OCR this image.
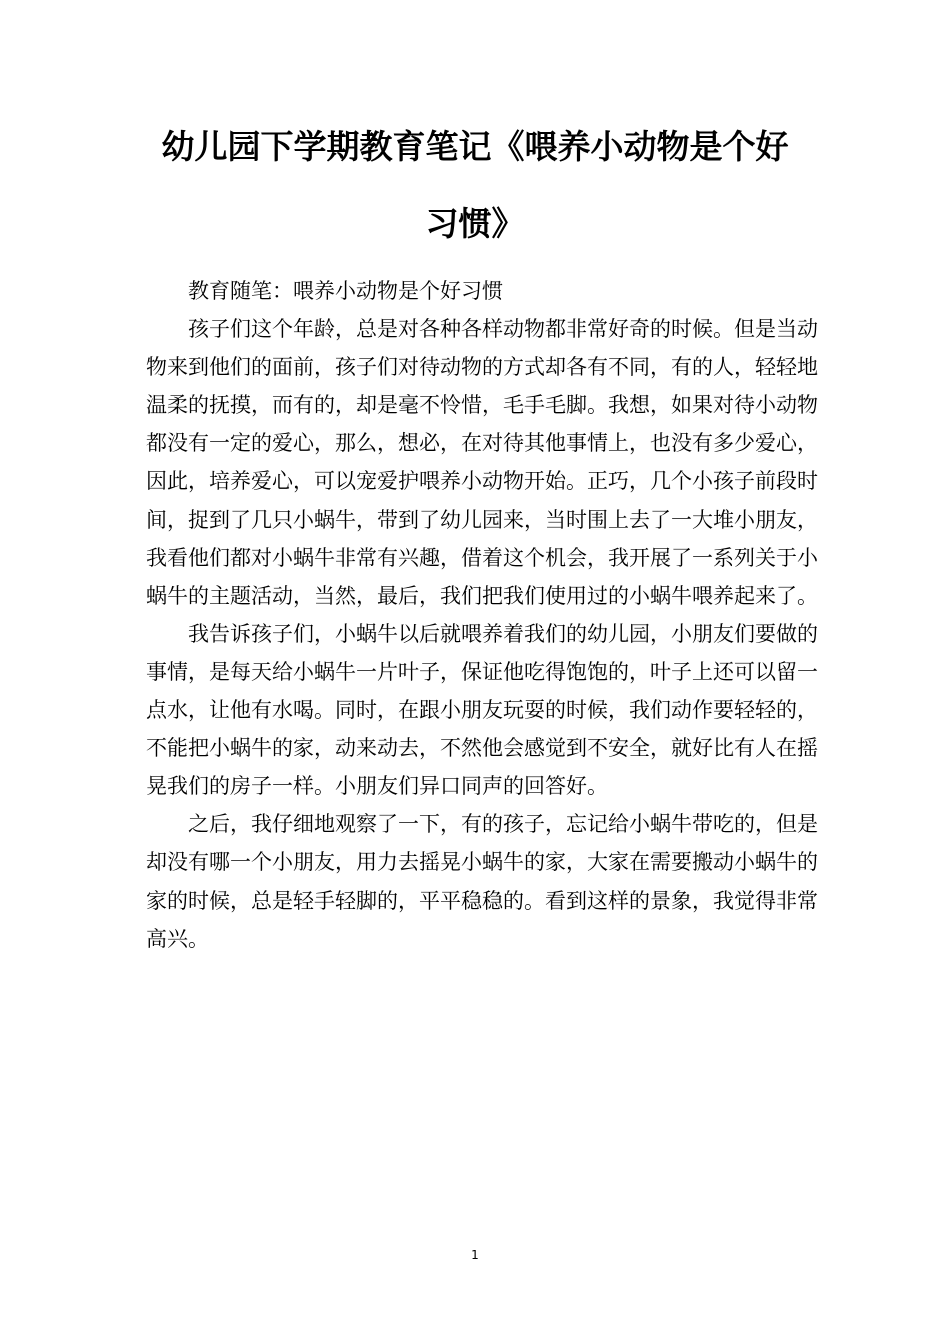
幼儿园下学期教育笔记《喂养小动物是个好
习惯》

教育随笔：喂养小动物是个好习惯

孩子们这个年龄，总是对各种各样动物都非常好奇的时候。但是当动物来到他们的面前，孩子们对待动物的方式却各有不同，有的人，轻轻地温柔的抚摸，而有的，却是毫不怜惜，毛手毛脚。我想，如果对待小动物都没有一定的爱心，那么，想必，在对待其他事情上，也没有多少爱心，因此，培养爱心，可以宠爱护喂养小动物开始。正巧，几个小孩子前段时间，捉到了几只小蜗牛，带到了幼儿园来，当时围上去了一大堆小朋友，我看他们都对小蜗牛非常有兴趣，借着这个机会，我开展了一系列关于小蜗牛的主题活动，当然，最后，我们把我们使用过的小蜗牛喂养起来了。

我告诉孩子们，小蜗牛以后就喂养着我们的幼儿园，小朋友们要做的事情，是每天给小蜗牛一片叶子，保证他吃得饱饱的，叶子上还可以留一点水，让他有水喝。同时，在跟小朋友玩耍的时候，我们动作要轻轻的，不能把小蜗牛的家，动来动去，不然他会感觉到不安全，就好比有人在摇晃我们的房子一样。小朋友们异口同声的回答好。

之后，我仔细地观察了一下，有的孩子，忘记给小蜗牛带吃的，但是却没有哪一个小朋友，用力去摇晃小蜗牛的家，大家在需要搬动小蜗牛的家的时候，总是轻手轻脚的，平平稳稳的。看到这样的景象，我觉得非常高兴。

1
